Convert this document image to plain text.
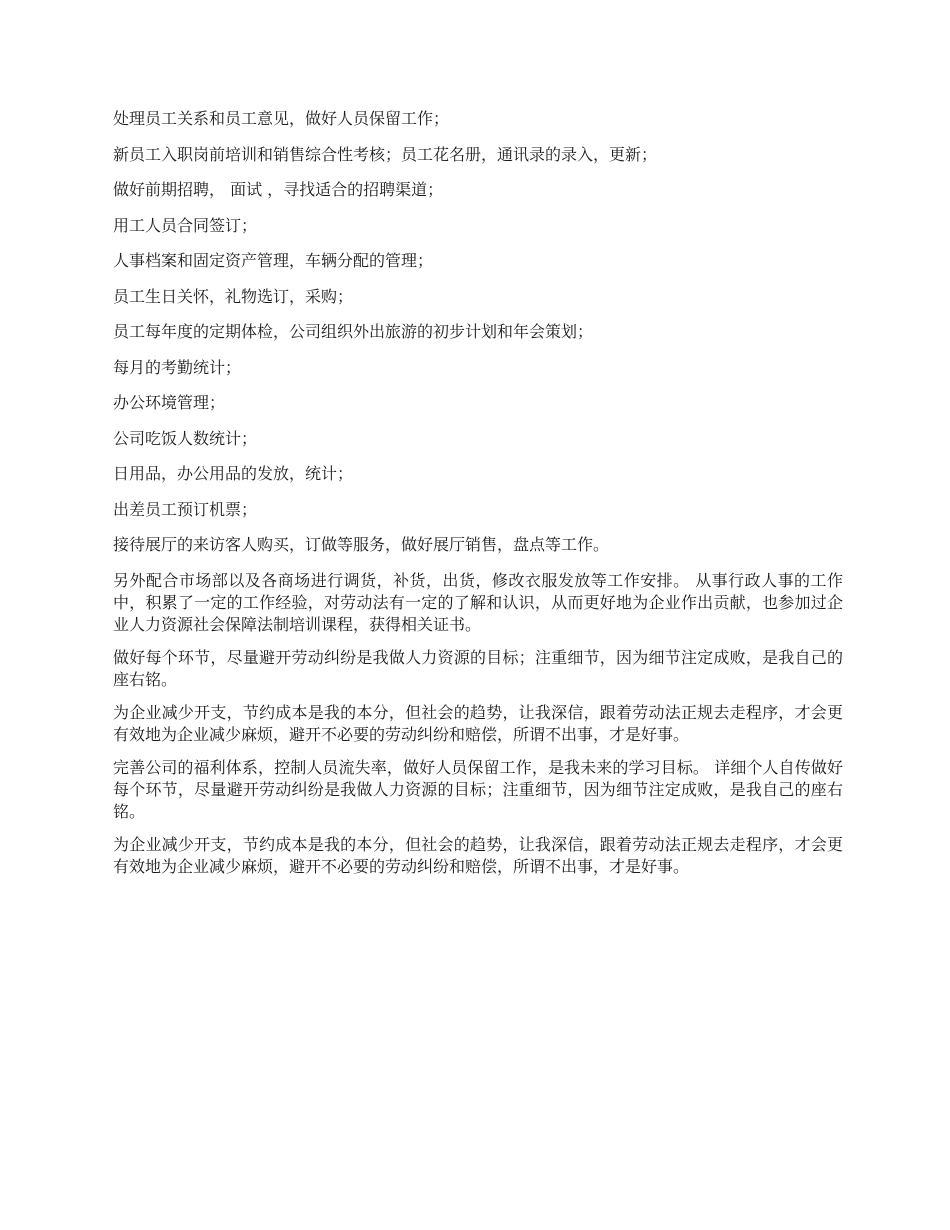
处理员工关系和员工意见，做好人员保留工作；

新员工入职岗前培训和销售综合性考核；员工花名册，通讯录的录入，更新；

做好前期招聘， 面试 ，寻找适合的招聘渠道；

用工人员合同签订；

人事档案和固定资产管理，车辆分配的管理；

员工生日关怀，礼物选订，采购；

员工每年度的定期体检，公司组织外出旅游的初步计划和年会策划；

每月的考勤统计；

办公环境管理；

公司吃饭人数统计；

日用品，办公用品的发放，统计；

出差员工预订机票；

接待展厅的来访客人购买，订做等服务，做好展厅销售，盘点等工作。

另外配合市场部以及各商场进行调货，补货，出货，修改衣服发放等工作安排。 从事行政人事的工作中，积累了一定的工作经验，对劳动法有一定的了解和认识，从而更好地为企业作出贡献，也参加过企业人力资源社会保障法制培训课程，获得相关证书。

做好每个环节，尽量避开劳动纠纷是我做人力资源的目标；注重细节，因为细节注定成败，是我自己的座右铭。

为企业减少开支，节约成本是我的本分，但社会的趋势，让我深信，跟着劳动法正规去走程序，才会更有效地为企业减少麻烦，避开不必要的劳动纠纷和赔偿，所谓不出事，才是好事。

完善公司的福利体系，控制人员流失率，做好人员保留工作，是我未来的学习目标。 详细个人自传做好每个环节，尽量避开劳动纠纷是我做人力资源的目标；注重细节，因为细节注定成败，是我自己的座右铭。

为企业减少开支，节约成本是我的本分，但社会的趋势，让我深信，跟着劳动法正规去走程序，才会更有效地为企业减少麻烦，避开不必要的劳动纠纷和赔偿，所谓不出事，才是好事。
